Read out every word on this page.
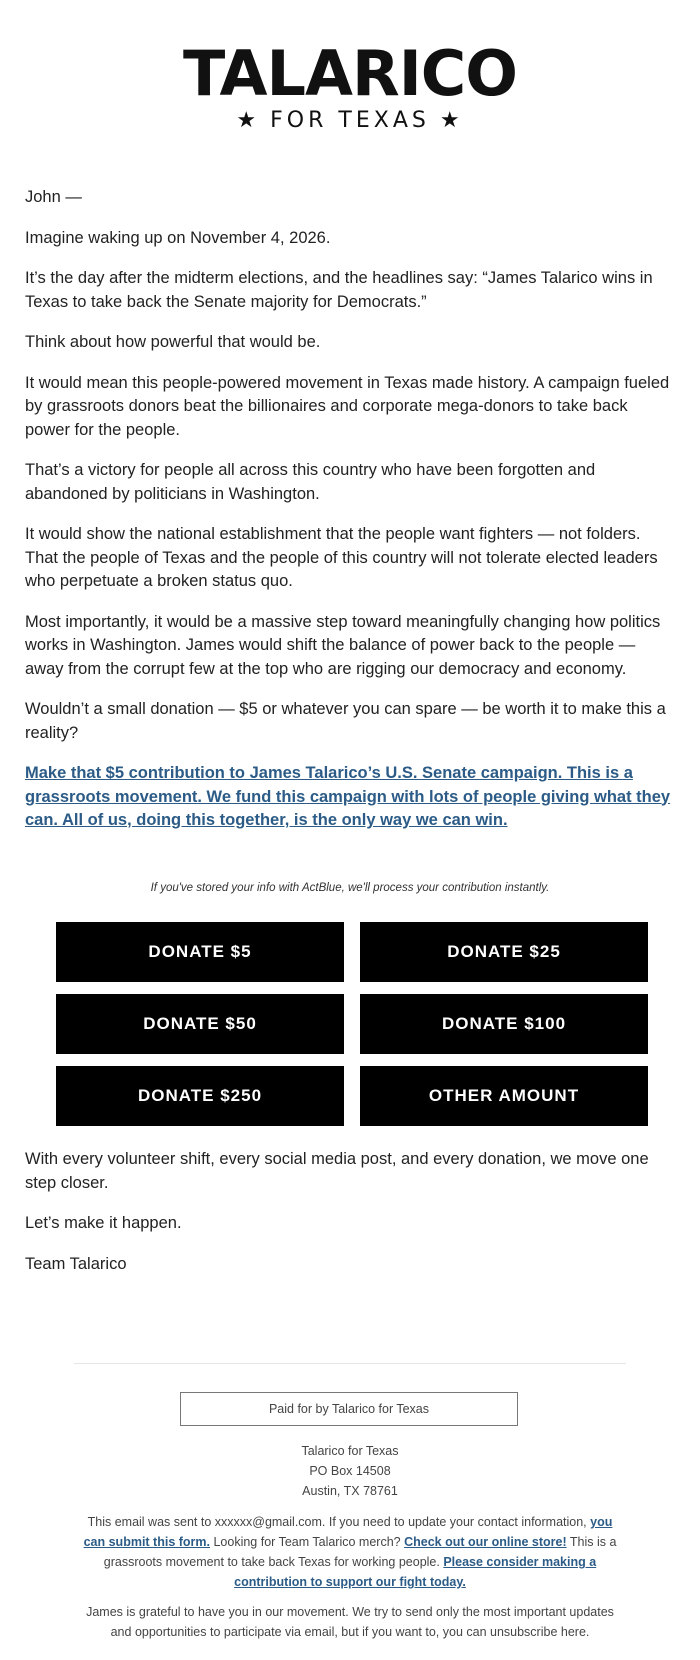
TALARICO
★ FOR TEXAS ★

John —

Imagine waking up on November 4, 2026.

It’s the day after the midterm elections, and the headlines say: “James Talarico wins in Texas to take back the Senate majority for Democrats.”

Think about how powerful that would be.

It would mean this people-powered movement in Texas made history. A campaign fueled by grassroots donors beat the billionaires and corporate mega-donors to take back power for the people.

That’s a victory for people all across this country who have been forgotten and abandoned by politicians in Washington.

It would show the national establishment that the people want fighters — not folders. That the people of Texas and the people of this country will not tolerate elected leaders who perpetuate a broken status quo.

Most importantly, it would be a massive step toward meaningfully changing how politics works in Washington. James would shift the balance of power back to the people — away from the corrupt few at the top who are rigging our democracy and economy.

Wouldn’t a small donation — $5 or whatever you can spare — be worth it to make this a reality?

Make that $5 contribution to James Talarico’s U.S. Senate campaign. This is a grassroots movement. We fund this campaign with lots of people giving what they can. All of us, doing this together, is the only way we can win.

If you've stored your info with ActBlue, we'll process your contribution instantly.
DONATE $5	DONATE $25
DONATE $50	DONATE $100
DONATE $250	OTHER AMOUNT

With every volunteer shift, every social media post, and every donation, we move one step closer.

Let’s make it happen.

Team Talarico

Paid for by Talarico for Texas
Talarico for Texas
PO Box 14508
Austin, TX 78761
This email was sent to xxxxxx@gmail.com. If you need to update your contact information, you can submit this form. Looking for Team Talarico merch? Check out our online store! This is a grassroots movement to take back Texas for working people. Please consider making a contribution to support our fight today.
James is grateful to have you in our movement. We try to send only the most important updates and opportunities to participate via email, but if you want to, you can unsubscribe here.
